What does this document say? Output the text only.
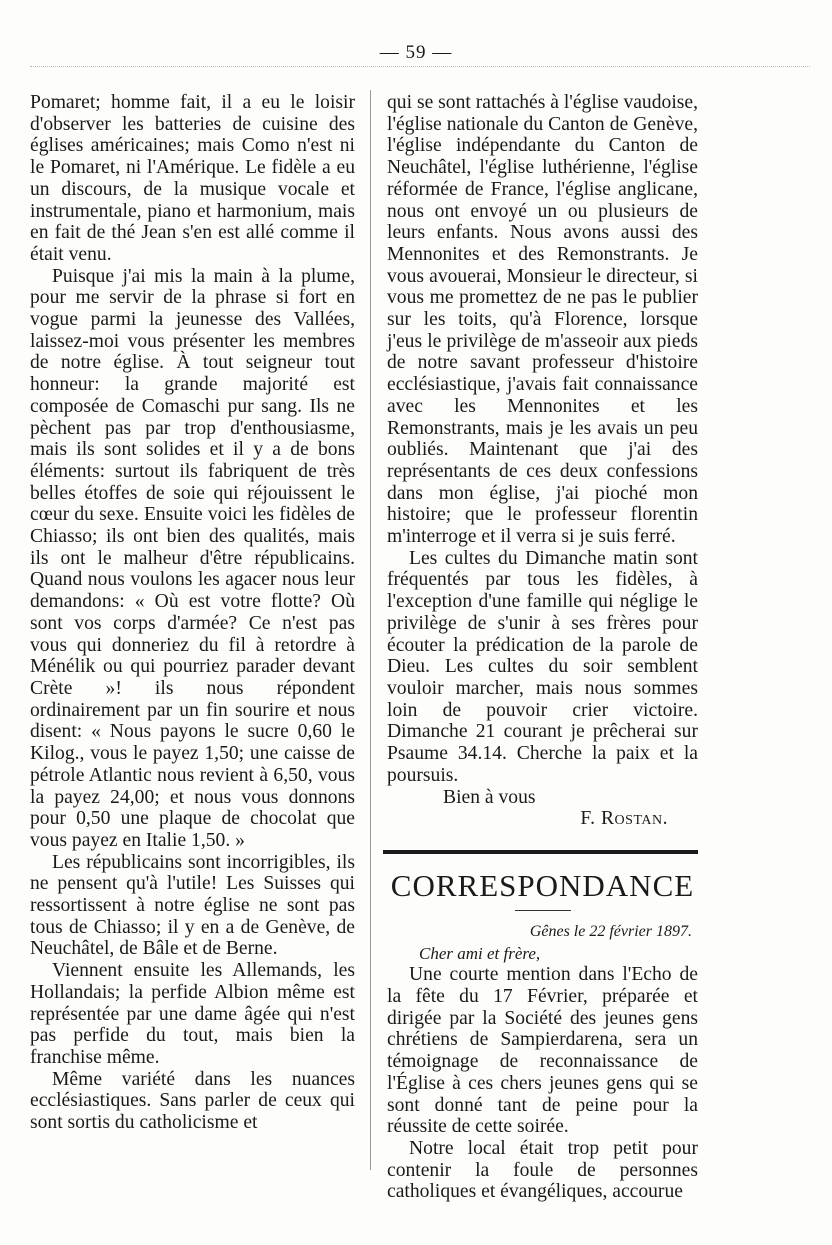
— 59 —

Pomaret; homme fait, il a eu le loisir d'observer les batteries de cuisine des églises américaines; mais Como n'est ni le Pomaret, ni l'Amérique. Le fidèle a eu un discours, de la musique vocale et instrumentale, piano et harmonium, mais en fait de thé Jean s'en est allé comme il était venu.

Puisque j'ai mis la main à la plume, pour me servir de la phrase si fort en vogue parmi la jeunesse des Vallées, laissez-moi vous présenter les membres de notre église. À tout seigneur tout honneur: la grande majorité est composée de Comaschi pur sang. Ils ne pèchent pas par trop d'enthousiasme, mais ils sont solides et il y a de bons éléments: surtout ils fabriquent de très belles étoffes de soie qui réjouissent le cœur du sexe. Ensuite voici les fidèles de Chiasso; ils ont bien des qualités, mais ils ont le malheur d'être républicains. Quand nous voulons les agacer nous leur demandons: « Où est votre flotte? Où sont vos corps d'armée? Ce n'est pas vous qui donneriez du fil à retordre à Ménélik ou qui pourriez parader devant Crète »! ils nous répondent ordinairement par un fin sourire et nous disent: « Nous payons le sucre 0,60 le Kilog., vous le payez 1,50; une caisse de pétrole Atlantic nous revient à 6,50, vous la payez 24,00; et nous vous donnons pour 0,50 une plaque de chocolat que vous payez en Italie 1,50. »

Les républicains sont incorrigibles, ils ne pensent qu'à l'utile! Les Suisses qui ressortissent à notre église ne sont pas tous de Chiasso; il y en a de Genève, de Neuchâtel, de Bâle et de Berne.

Viennent ensuite les Allemands, les Hollandais; la perfide Albion même est représentée par une dame âgée qui n'est pas perfide du tout, mais bien la franchise même.

Même variété dans les nuances ecclésiastiques. Sans parler de ceux qui sont sortis du catholicisme et

qui se sont rattachés à l'église vaudoise, l'église nationale du Canton de Genève, l'église indépendante du Canton de Neuchâtel, l'église luthérienne, l'église réformée de France, l'église anglicane, nous ont envoyé un ou plusieurs de leurs enfants. Nous avons aussi des Mennonites et des Remonstrants. Je vous avouerai, Monsieur le directeur, si vous me promettez de ne pas le publier sur les toits, qu'à Florence, lorsque j'eus le privilège de m'asseoir aux pieds de notre savant professeur d'histoire ecclésiastique, j'avais fait connaissance avec les Mennonites et les Remonstrants, mais je les avais un peu oubliés. Maintenant que j'ai des représentants de ces deux confessions dans mon église, j'ai pioché mon histoire; que le professeur florentin m'interroge et il verra si je suis ferré.

Les cultes du Dimanche matin sont fréquentés par tous les fidèles, à l'exception d'une famille qui néglige le privilège de s'unir à ses frères pour écouter la prédication de la parole de Dieu. Les cultes du soir semblent vouloir marcher, mais nous sommes loin de pouvoir crier victoire. Dimanche 21 courant je prêcherai sur Psaume 34.14. Cherche la paix et la poursuis.

Bien à vous

F. Rostan.

CORRESPONDANCE

Gênes le 22 février 1897.

Cher ami et frère,

Une courte mention dans l'Echo de la fête du 17 Février, préparée et dirigée par la Société des jeunes gens chrétiens de Sampierdarena, sera un témoignage de reconnaissance de l'Église à ces chers jeunes gens qui se sont donné tant de peine pour la réussite de cette soirée.

Notre local était trop petit pour contenir la foule de personnes catholiques et évangéliques, accourue
